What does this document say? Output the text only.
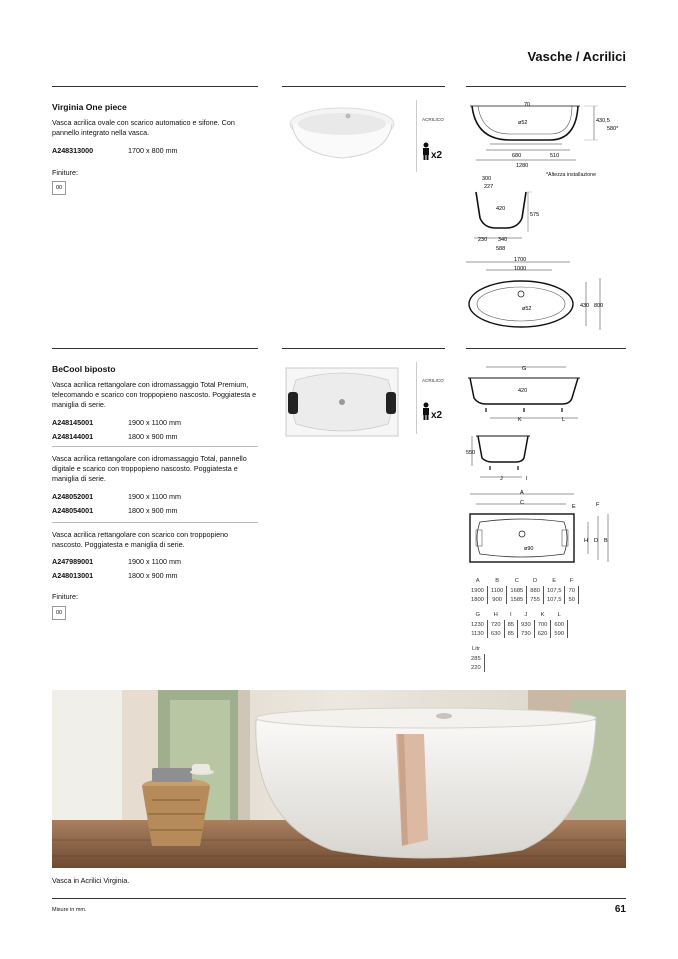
Vasche / Acrilici
Virginia One piece
Vasca acrilica ovale con scarico automatico e sifone. Con pannello integrato nella vasca.
A248313000	1700 x 800 mm
Finiture:
00
ACRILICO
x2
70
ø52	430,5
580*
680	510
1280
*Altezza installazione
300
227
420
575
230 340
588
1700
1000
ø52	430 800
BeCool biposto
Vasca acrilica rettangolare con idromassaggio Total Premium, telecomando e scarico con troppopieno nascosto. Poggiatesta e maniglia di serie.
A248145001	1900 x 1100 mm
A248144001	1800 x 900 mm
Vasca acrilica rettangolare con idromassaggio Total, pannello digitale e scarico con troppopieno nascosto. Poggiatesta e maniglia di serie.
A248052001	1900 x 1100 mm
A248054001	1800 x 900 mm
Vasca acrilica rettangolare con scarico con troppopieno nascosto. Poggiatesta e maniglia di serie.
A247989001	1900 x 1100 mm
A248013001	1800 x 900 mm
Finiture:
00
ACRILICO
x2
G
420
K	L
550
J	I
A
C
E	F
ø90
H D B
A	B	C	D	E	F
1900	1100	1685	880	107,5	70
1800	900	1585	755	107,5	50
G	H	I	J	K	L
1230	720	85	930	700	600
1130	630	85	730	620	590
Litr
285
220
Vasca in Acrilici Virginia.
Misure in mm.	61
